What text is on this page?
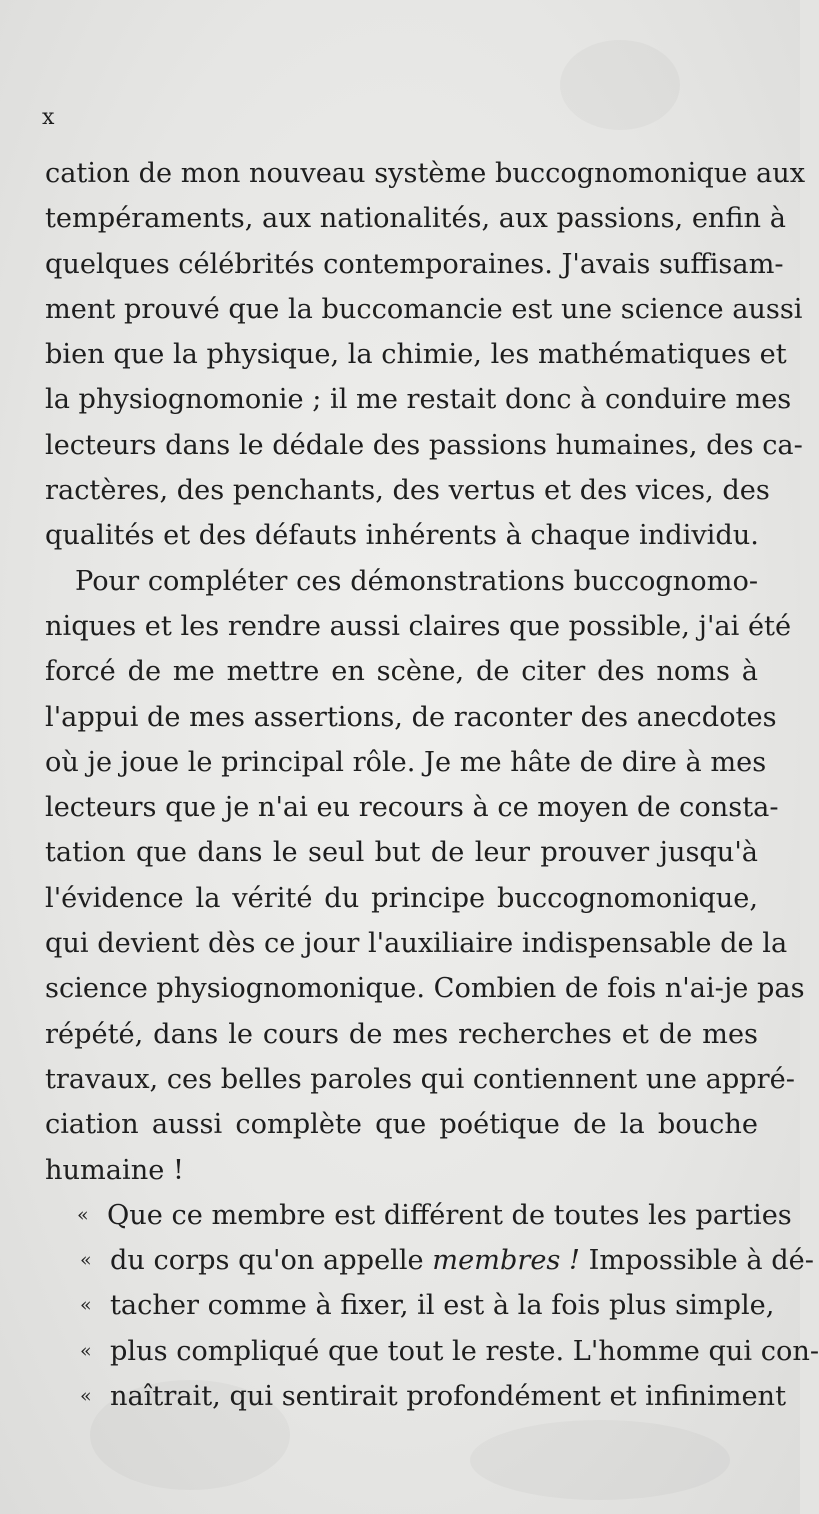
x
cation de mon nouveau système buccognomonique aux
tempéraments, aux nationalités, aux passions, enfin à
quelques célébrités contemporaines. J'avais suffisam-
ment prouvé que la buccomancie est une science aussi
bien que la physique, la chimie, les mathématiques et
la physiognomonie ; il me restait donc à conduire mes
lecteurs dans le dédale des passions humaines, des ca-
ractères, des penchants, des vertus et des vices, des
qualités et des défauts inhérents à chaque individu.
Pour compléter ces démonstrations buccognomo-
niques et les rendre aussi claires que possible, j'ai été
forcé de me mettre en scène, de citer des noms à
l'appui de mes assertions, de raconter des anecdotes
où je joue le principal rôle. Je me hâte de dire à mes
lecteurs que je n'ai eu recours à ce moyen de consta-
tation que dans le seul but de leur prouver jusqu'à
l'évidence la vérité du principe buccognomonique,
qui devient dès ce jour l'auxiliaire indispensable de la
science physiognomonique. Combien de fois n'ai-je pas
répété, dans le cours de mes recherches et de mes
travaux, ces belles paroles qui contiennent une appré-
ciation aussi complète que poétique de la bouche
humaine !
« Que ce membre est différent de toutes les parties
« du corps qu'on appelle membres ! Impossible à dé-
« tacher comme à fixer, il est à la fois plus simple,
« plus compliqué que tout le reste. L'homme qui con-
« naîtrait, qui sentirait profondément et infiniment
